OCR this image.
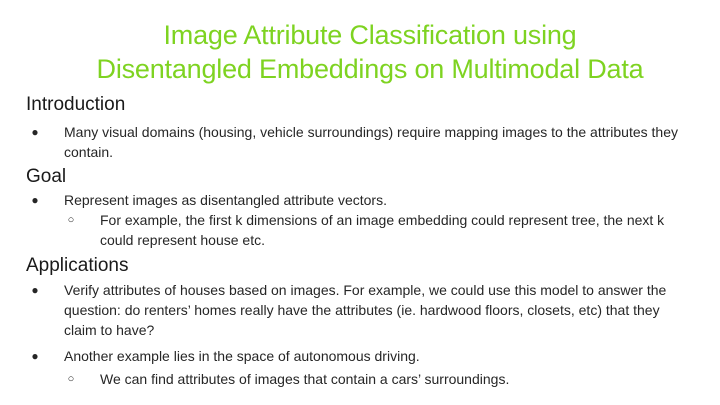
Image Attribute Classification using
Disentangled Embeddings on Multimodal Data
Introduction
● Many visual domains (housing, vehicle surroundings) require mapping images to the attributes they contain.
Goal
● Represent images as disentangled attribute vectors.
○ For example, the first k dimensions of an image embedding could represent tree, the next k could represent house etc.
Applications
● Verify attributes of houses based on images. For example, we could use this model to answer the question: do renters’ homes really have the attributes (ie. hardwood floors, closets, etc) that they claim to have?
● Another example lies in the space of autonomous driving.
○ We can find attributes of images that contain a cars’ surroundings.
